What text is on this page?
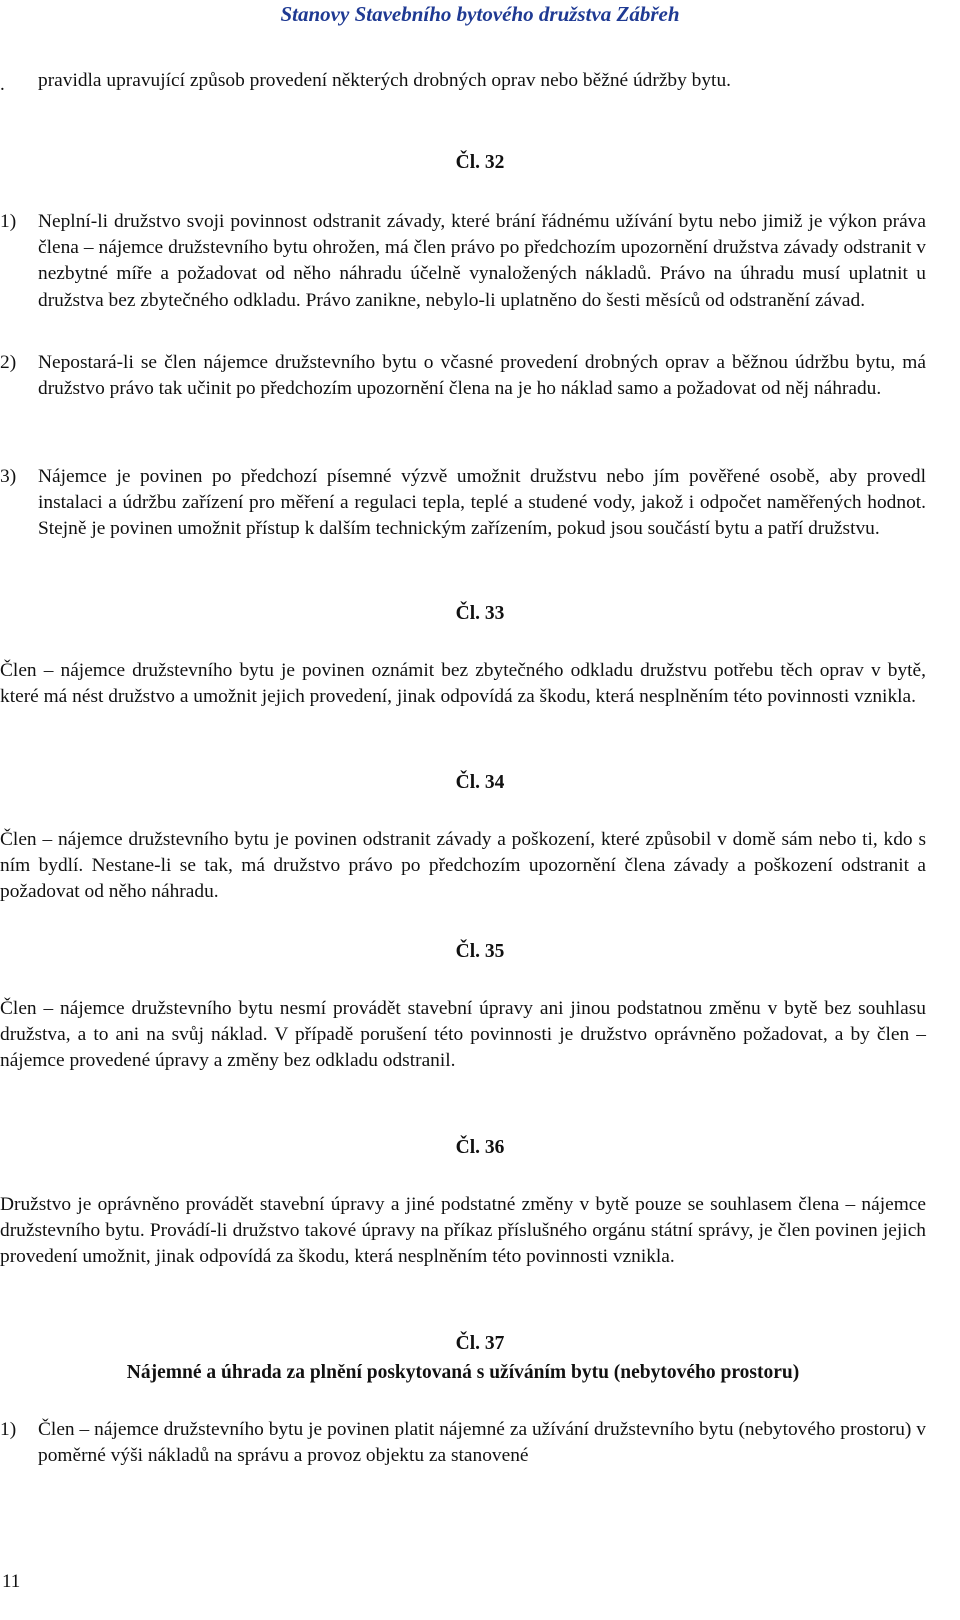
Stanovy Stavebního bytového družstva Zábřeh
. pravidla upravující způsob provedení některých drobných oprav nebo běžné údržby bytu.
Čl. 32
1) Neplní-li družstvo svoji povinnost odstranit závady, které brání řádnému užívání bytu nebo jimiž je výkon práva člena – nájemce družstevního bytu ohrožen, má člen právo po předchozím upozornění družstva závady odstranit v nezbytné míře a požadovat od něho náhradu účelně vynaložených nákladů. Právo na úhradu musí uplatnit u družstva bez zbytečného odkladu. Právo zanikne, nebylo-li uplatněno do šesti měsíců od odstranění závad.
2) Nepostará-li se člen nájemce družstevního bytu o včasné provedení drobných oprav a běžnou údržbu bytu, má družstvo právo tak učinit po předchozím upozornění člena na je ho náklad samo a požadovat od něj náhradu.
3) Nájemce je povinen po předchozí písemné výzvě umožnit družstvu nebo jím pověřené osobě, aby provedl instalaci a údržbu zařízení pro měření a regulaci tepla, teplé a studené vody, jakož i odpočet naměřených hodnot. Stejně je povinen umožnit přístup k dalším technickým zařízením, pokud jsou součástí bytu a patří družstvu.
Čl. 33
Člen – nájemce družstevního bytu je povinen oznámit bez zbytečného odkladu družstvu potřebu těch oprav v bytě, které má nést družstvo a umožnit jejich provedení, jinak odpovídá za škodu, která nesplněním této povinnosti vznikla.
Čl. 34
Člen – nájemce družstevního bytu je povinen odstranit závady a poškození, které způsobil v domě sám nebo ti, kdo s ním bydlí. Nestane-li se tak, má družstvo právo po předchozím upozornění člena závady a poškození odstranit a požadovat od něho náhradu.
Čl. 35
Člen – nájemce družstevního bytu nesmí provádět stavební úpravy ani jinou podstatnou změnu v bytě bez souhlasu družstva, a to ani na svůj náklad. V případě porušení této povinnosti je družstvo oprávněno požadovat, a by člen – nájemce provedené úpravy a změny bez odkladu odstranil.
Čl. 36
Družstvo je oprávněno provádět stavební úpravy a jiné podstatné změny v bytě pouze se souhlasem člena – nájemce družstevního bytu. Provádí-li družstvo takové úpravy na příkaz příslušného orgánu státní správy, je člen povinen jejich provedení umožnit, jinak odpovídá za škodu, která nesplněním této povinnosti vznikla.
Čl. 37
Nájemné a úhrada za plnění poskytovaná s užíváním bytu (nebytového prostoru)
1) Člen – nájemce družstevního bytu je povinen platit nájemné za užívání družstevního bytu (nebytového prostoru) v poměrné výši nákladů na správu a provoz objektu za stanovené
11
